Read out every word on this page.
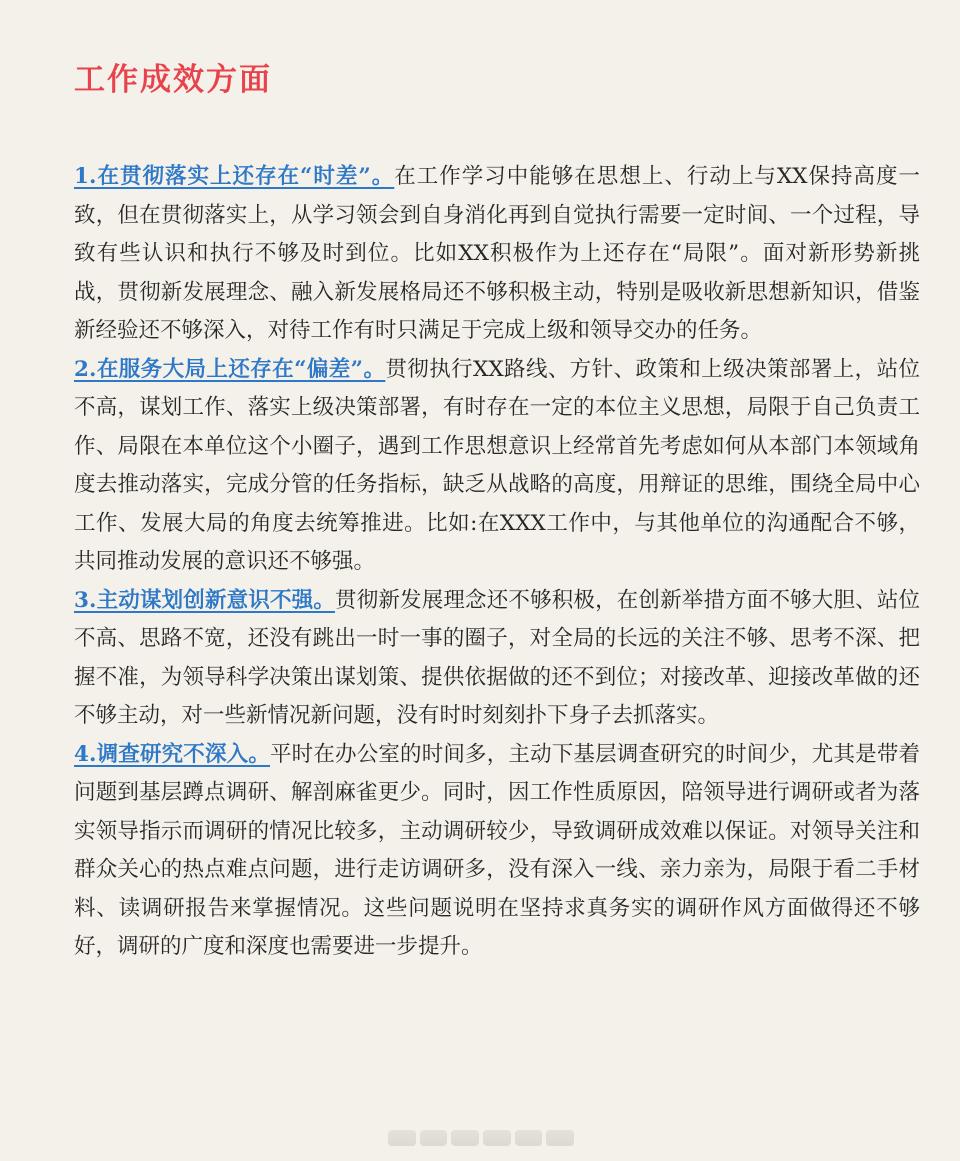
工作成效方面

1.在贯彻落实上还存在“时差”。在工作学习中能够在思想上、行动上与XX保持高度一致，但在贯彻落实上，从学习领会到自身消化再到自觉执行需要一定时间、一个过程，导致有些认识和执行不够及时到位。比如XX积极作为上还存在“局限”。面对新形势新挑战，贯彻新发展理念、融入新发展格局还不够积极主动，特别是吸收新思想新知识，借鉴新经验还不够深入，对待工作有时只满足于完成上级和领导交办的任务。

2.在服务大局上还存在“偏差”。贯彻执行XX路线、方针、政策和上级决策部署上，站位不高，谋划工作、落实上级决策部署，有时存在一定的本位主义思想，局限于自己负责工作、局限在本单位这个小圈子，遇到工作思想意识上经常首先考虑如何从本部门本领域角度去推动落实，完成分管的任务指标，缺乏从战略的高度，用辩证的思维，围绕全局中心工作、发展大局的角度去统筹推进。比如:在XXX工作中，与其他单位的沟通配合不够，共同推动发展的意识还不够强。

3.主动谋划创新意识不强。贯彻新发展理念还不够积极，在创新举措方面不够大胆、站位不高、思路不宽，还没有跳出一时一事的圈子，对全局的长远的关注不够、思考不深、把握不准，为领导科学决策出谋划策、提供依据做的还不到位；对接改革、迎接改革做的还不够主动，对一些新情况新问题，没有时时刻刻扑下身子去抓落实。

4.调查研究不深入。平时在办公室的时间多，主动下基层调查研究的时间少，尤其是带着问题到基层蹲点调研、解剖麻雀更少。同时，因工作性质原因，陪领导进行调研或者为落实领导指示而调研的情况比较多，主动调研较少，导致调研成效难以保证。对领导关注和群众关心的热点难点问题，进行走访调研多，没有深入一线、亲力亲为，局限于看二手材料、读调研报告来掌握情况。这些问题说明在坚持求真务实的调研作风方面做得还不够好，调研的广度和深度也需要进一步提升。
